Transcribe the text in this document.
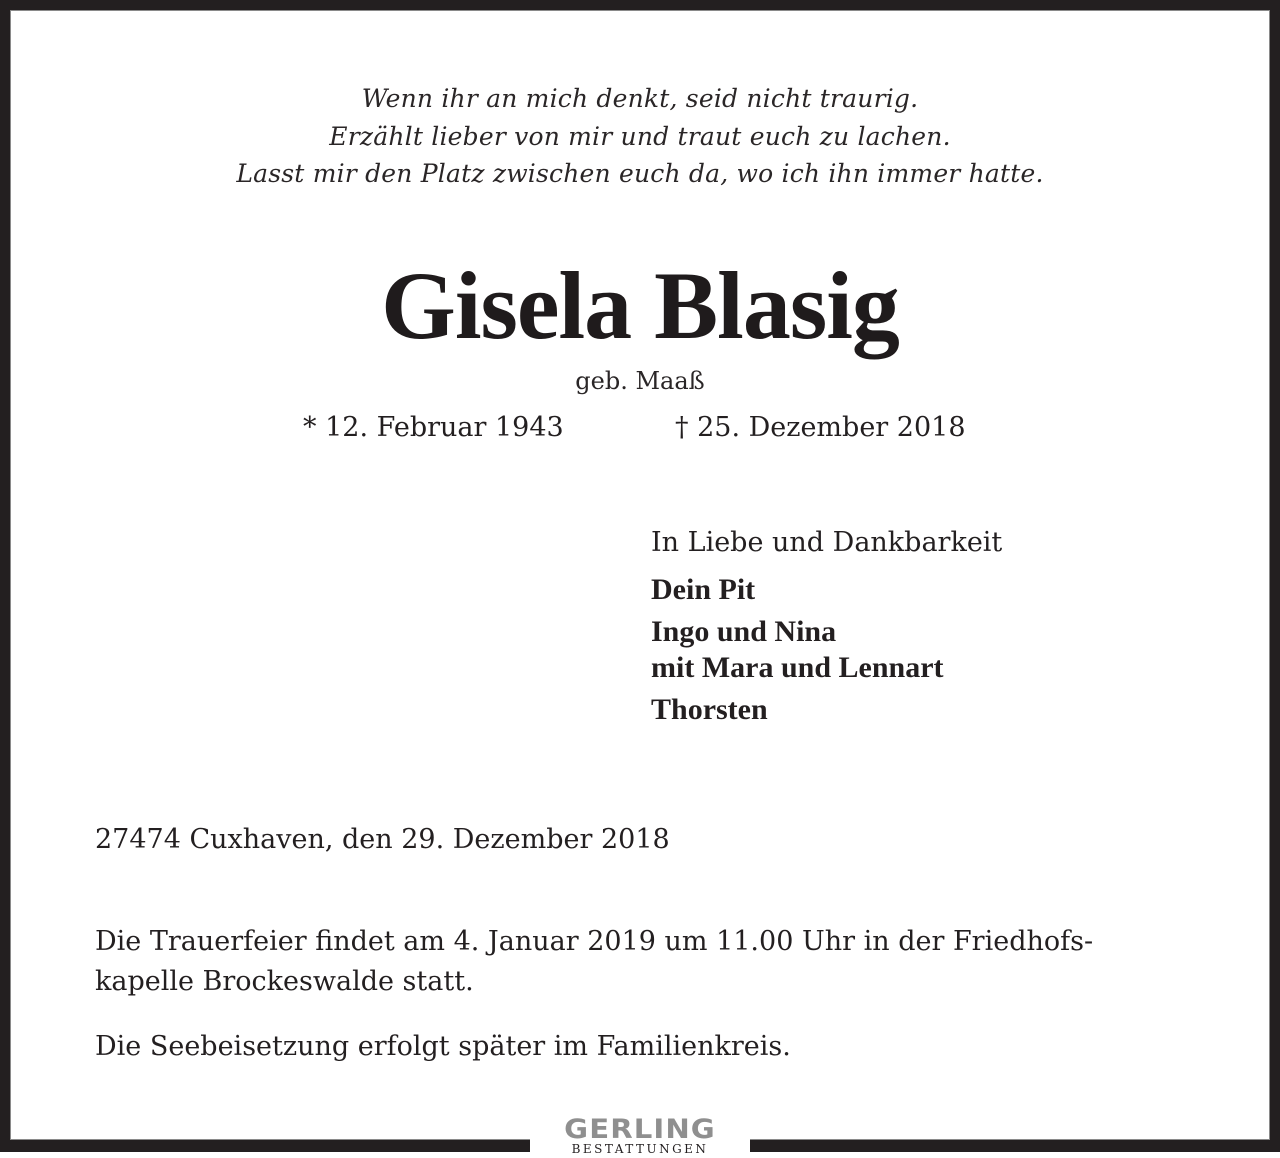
Wenn ihr an mich denkt, seid nicht traurig.
Erzählt lieber von mir und traut euch zu lachen.
Lasst mir den Platz zwischen euch da, wo ich ihn immer hatte.
Gisela Blasig
geb. Maaß
* 12. Februar 1943	† 25. Dezember 2018
In Liebe und Dankbarkeit
Dein Pit
Ingo und Nina
mit Mara und Lennart
Thorsten
27474 Cuxhaven, den 29. Dezember 2018
Die Trauerfeier findet am 4. Januar 2019 um 11.00 Uhr in der Friedhofs-
kapelle Brockeswalde statt.
Die Seebeisetzung erfolgt später im Familienkreis.
GERLING
BESTATTUNGEN
